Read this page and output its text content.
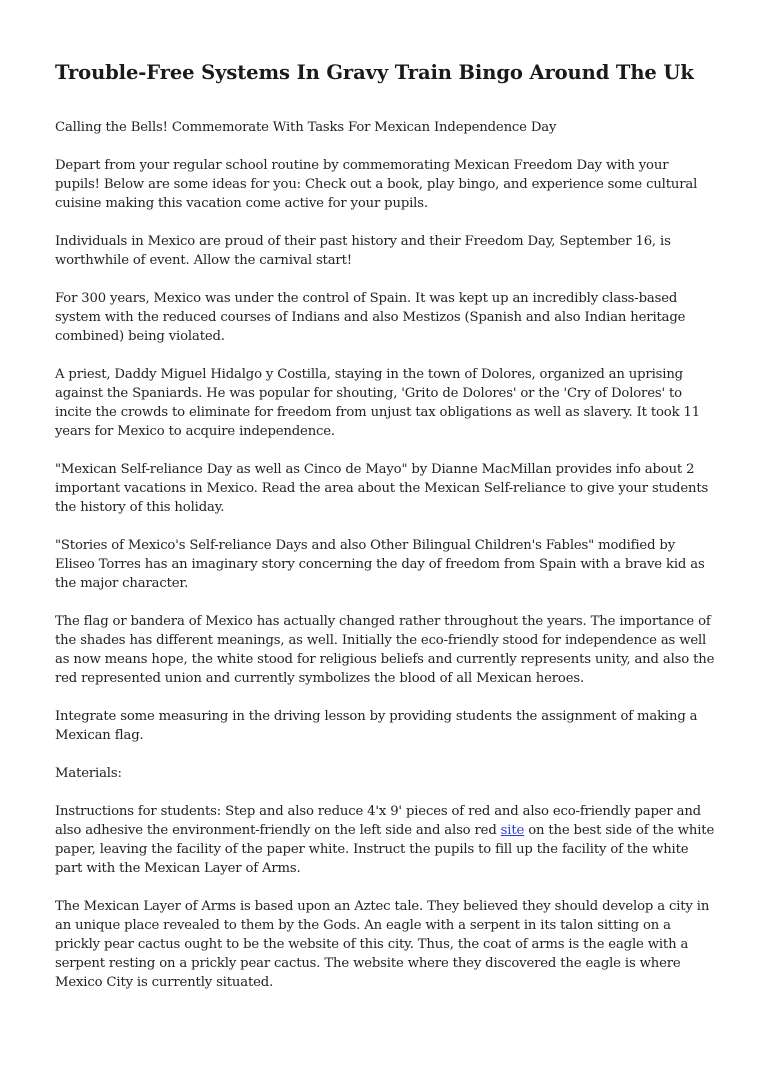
Trouble-Free Systems In Gravy Train Bingo Around The Uk

Calling the Bells! Commemorate With Tasks For Mexican Independence Day

Depart from your regular school routine by commemorating Mexican Freedom Day with your pupils! Below are some ideas for you: Check out a book, play bingo, and experience some cultural cuisine making this vacation come active for your pupils.

Individuals in Mexico are proud of their past history and their Freedom Day, September 16, is worthwhile of event. Allow the carnival start!

For 300 years, Mexico was under the control of Spain. It was kept up an incredibly class-based system with the reduced courses of Indians and also Mestizos (Spanish and also Indian heritage combined) being violated.

A priest, Daddy Miguel Hidalgo y Costilla, staying in the town of Dolores, organized an uprising against the Spaniards. He was popular for shouting, 'Grito de Dolores' or the 'Cry of Dolores' to incite the crowds to eliminate for freedom from unjust tax obligations as well as slavery. It took 11 years for Mexico to acquire independence.

"Mexican Self-reliance Day as well as Cinco de Mayo" by Dianne MacMillan provides info about 2 important vacations in Mexico. Read the area about the Mexican Self-reliance to give your students the history of this holiday.

"Stories of Mexico's Self-reliance Days and also Other Bilingual Children's Fables" modified by Eliseo Torres has an imaginary story concerning the day of freedom from Spain with a brave kid as the major character.

The flag or bandera of Mexico has actually changed rather throughout the years. The importance of the shades has different meanings, as well. Initially the eco-friendly stood for independence as well as now means hope, the white stood for religious beliefs and currently represents unity, and also the red represented union and currently symbolizes the blood of all Mexican heroes.

Integrate some measuring in the driving lesson by providing students the assignment of making a Mexican flag.

Materials:

Instructions for students: Step and also reduce 4'x 9' pieces of red and also eco-friendly paper and also adhesive the environment-friendly on the left side and also red site on the best side of the white paper, leaving the facility of the paper white. Instruct the pupils to fill up the facility of the white part with the Mexican Layer of Arms.

The Mexican Layer of Arms is based upon an Aztec tale. They believed they should develop a city in an unique place revealed to them by the Gods. An eagle with a serpent in its talon sitting on a prickly pear cactus ought to be the website of this city. Thus, the coat of arms is the eagle with a serpent resting on a prickly pear cactus. The website where they discovered the eagle is where Mexico City is currently situated.
